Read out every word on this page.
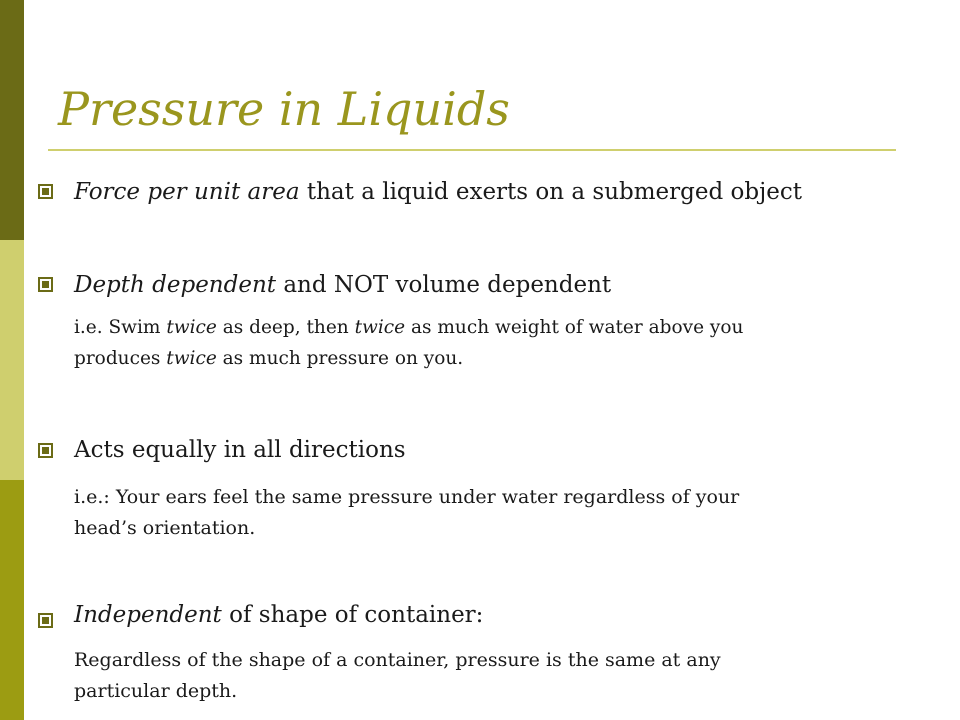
Pressure in Liquids
Force per unit area that a liquid exerts on a submerged object
Depth dependent and NOT volume dependent

i.e. Swim twice as deep, then twice as much weight of water above you

produces twice as much pressure on you.

Acts equally in all directions

i.e.: Your ears feel the same pressure under water regardless of your

head’s orientation.

Independent of shape of container:

Regardless of the shape of a container, pressure is the same at any

particular depth.
